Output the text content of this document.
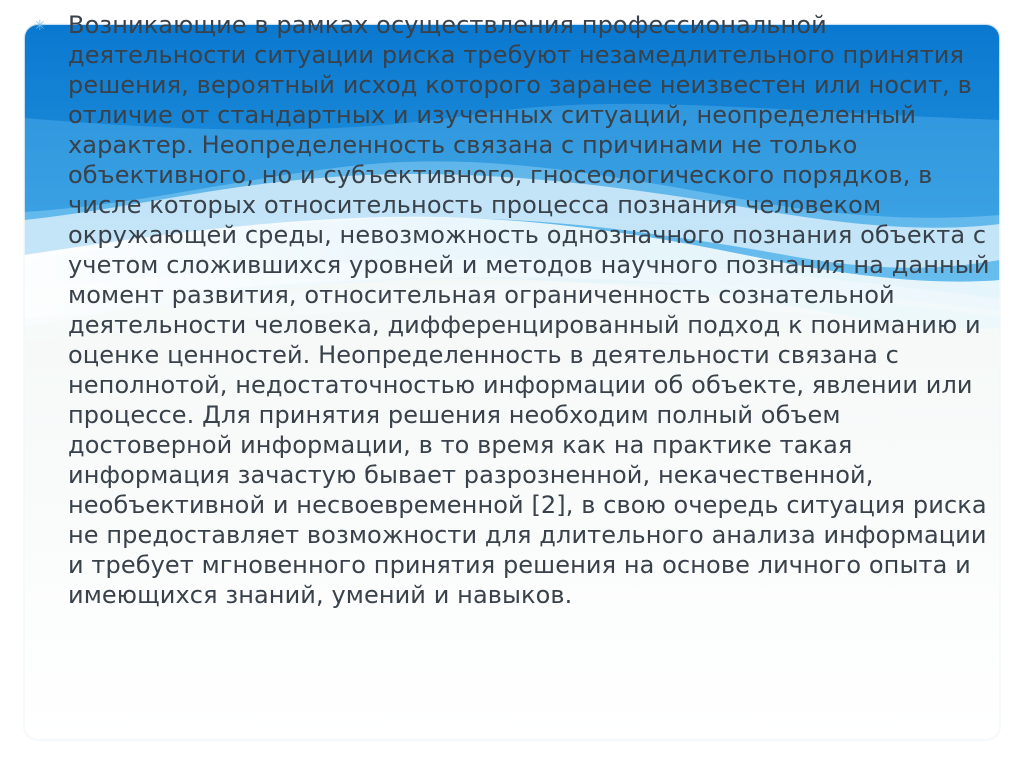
✳ Возникающие в рамках осуществления профессиональной деятельности ситуации риска требуют незамедлительного принятия решения, вероятный исход которого заранее неизвестен или носит, в отличие от стандартных и изученных ситуаций, неопределенный характер. Неопределенность связана с причинами не только объективного, но и субъективного, гносеологического порядков, в числе которых относительность процесса познания человеком окружающей среды, невозможность однозначного познания объекта с учетом сложившихся уровней и методов научного познания на данный момент развития, относительная ограниченность сознательной деятельности человека, дифференцированный подход к пониманию и оценке ценностей. Неопределенность в деятельности связана с неполнотой, недостаточностью информации об объекте, явлении или процессе. Для принятия решения необходим полный объем достоверной информации, в то время как на практике такая информация зачастую бывает разрозненной, некачественной, необъективной и несвоевременной [2], в свою очередь ситуация риска не предоставляет возможности для длительного анализа информации и требует мгновенного принятия решения на основе личного опыта и имеющихся знаний, умений и навыков.
